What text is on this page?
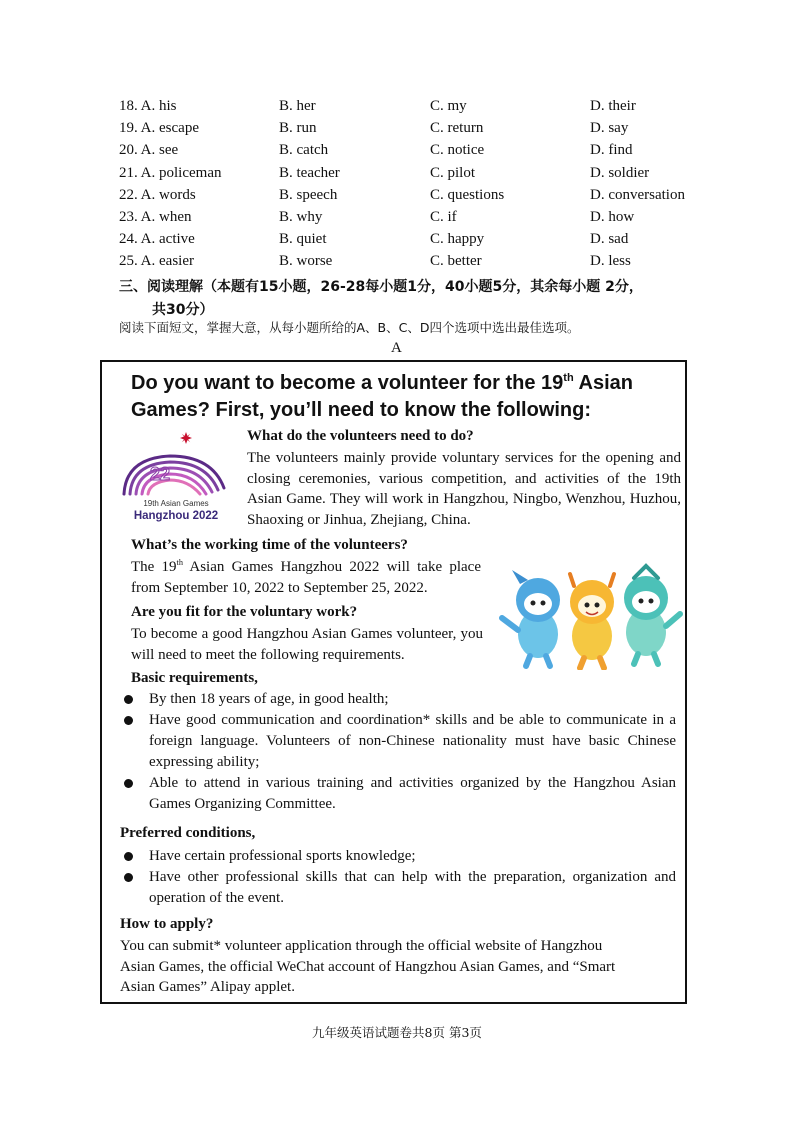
18. A. his	B. her	C. my	D. their
19. A. escape	B. run	C. return	D. say
20. A. see	B. catch	C. notice	D. find
21. A. policeman	B. teacher	C. pilot	D. soldier
22. A. words	B. speech	C. questions	D. conversation
23. A. when	B. why	C. if	D. how
24. A. active	B. quiet	C. happy	D. sad
25. A. easier	B. worse	C. better	D. less
三、阅读理解（本题有15小题，26-28每小题1分，40小题5分，其余每小题 2分，
共30分）
阅读下面短文，掌握大意，从每小题所给的A、B、C、D四个选项中选出最佳选项。
A
Do you want to become a volunteer for the 19th Asian Games? First, you’ll need to know the following:
22
19th Asian Games
Hangzhou 2022
What do the volunteers need to do?
The volunteers mainly provide voluntary services for the opening and closing ceremonies, various competition, and activities of the 19th Asian Game. They will work in Hangzhou, Ningbo, Wenzhou, Huzhou, Shaoxing or Jinhua, Zhejiang, China.
What’s the working time of the volunteers?
The 19th Asian Games Hangzhou 2022 will take place from September 10, 2022 to September 25, 2022.
Are you fit for the voluntary work?
To become a good Hangzhou Asian Games volunteer, you will need to meet the following requirements.
Basic requirements,
By then 18 years of age, in good health;
Have good communication and coordination* skills and be able to communicate in a foreign language. Volunteers of non-Chinese nationality must have basic Chinese expressing ability;
Able to attend in various training and activities organized by the Hangzhou Asian Games Organizing Committee.
Preferred conditions,
Have certain professional sports knowledge;
Have other professional skills that can help with the preparation, organization and operation of the event.
How to apply?
You can submit* volunteer application through the official website of Hangzhou Asian Games, the official WeChat account of Hangzhou Asian Games, and “Smart Asian Games” Alipay applet.
九年级英语试题卷共8页 第3页
